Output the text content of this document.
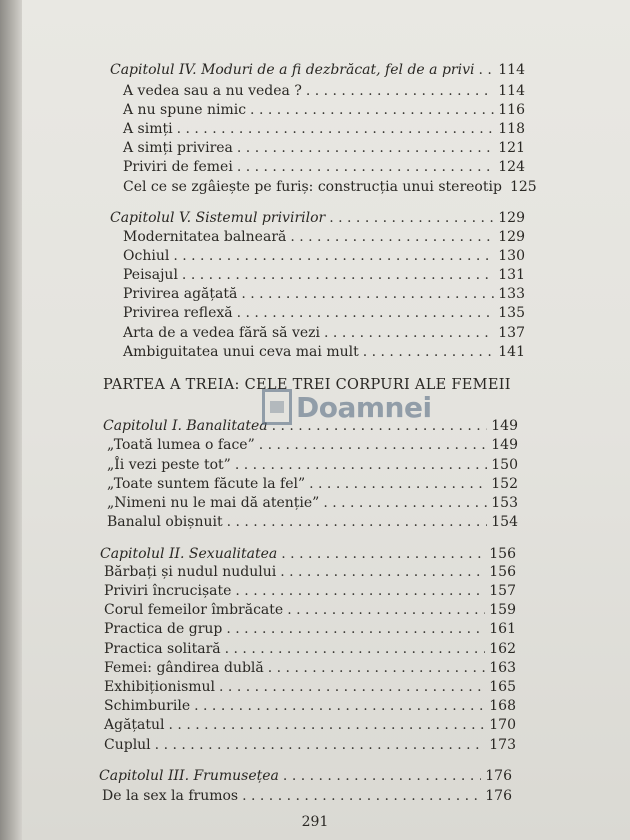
Capitolul IV. Moduri de a fi dezbrăcat, fel de a privi . . . 114
A vedea sau a nu vedea ? . . .	114
A nu spune nimic . . .	116
A simți . . .	118
A simți privirea . . .	121
Priviri de femei . . .	124
Cel ce se zgâiește pe furiș: construcția unui stereotip 125
Capitolul V. Sistemul privirilor . . .	129
Modernitatea balneară . . .	129
Ochiul . . .	130
Peisajul . . .	131
Privirea agățată . . .	133
Privirea reflexă . . .	135
Arta de a vedea fără să vezi . . .	137
Ambiguitatea unui ceva mai mult . . .	141
Capitolul I. Banalitatea . . .	149
„Toată lumea o face” . . .	149
„Îi vezi peste tot” . . .	150
„Toate suntem făcute la fel” . . .	152
„Nimeni nu le mai dă atenție” . . .	153
Banalul obișnuit . . .	154
Capitolul II. Sexualitatea . . .	156
Bărbați și nudul nudului . . .	156
Priviri încrucișate . . .	157
Corul femeilor îmbrăcate . . .	159
Practica de grup . . .	161
Practica solitară . . .	162
Femei: gândirea dublă . . .	163
Exhibiționismul . . .	165
Schimburile . . .	168
Agățatul . . .	170
Cuplul . . .	173
Capitolul III. Frumusețea . . .	176
De la sex la frumos . . .	176
PARTEA A TREIA: CELE TREI CORPURI ALE FEMEII
Doamnei
291
